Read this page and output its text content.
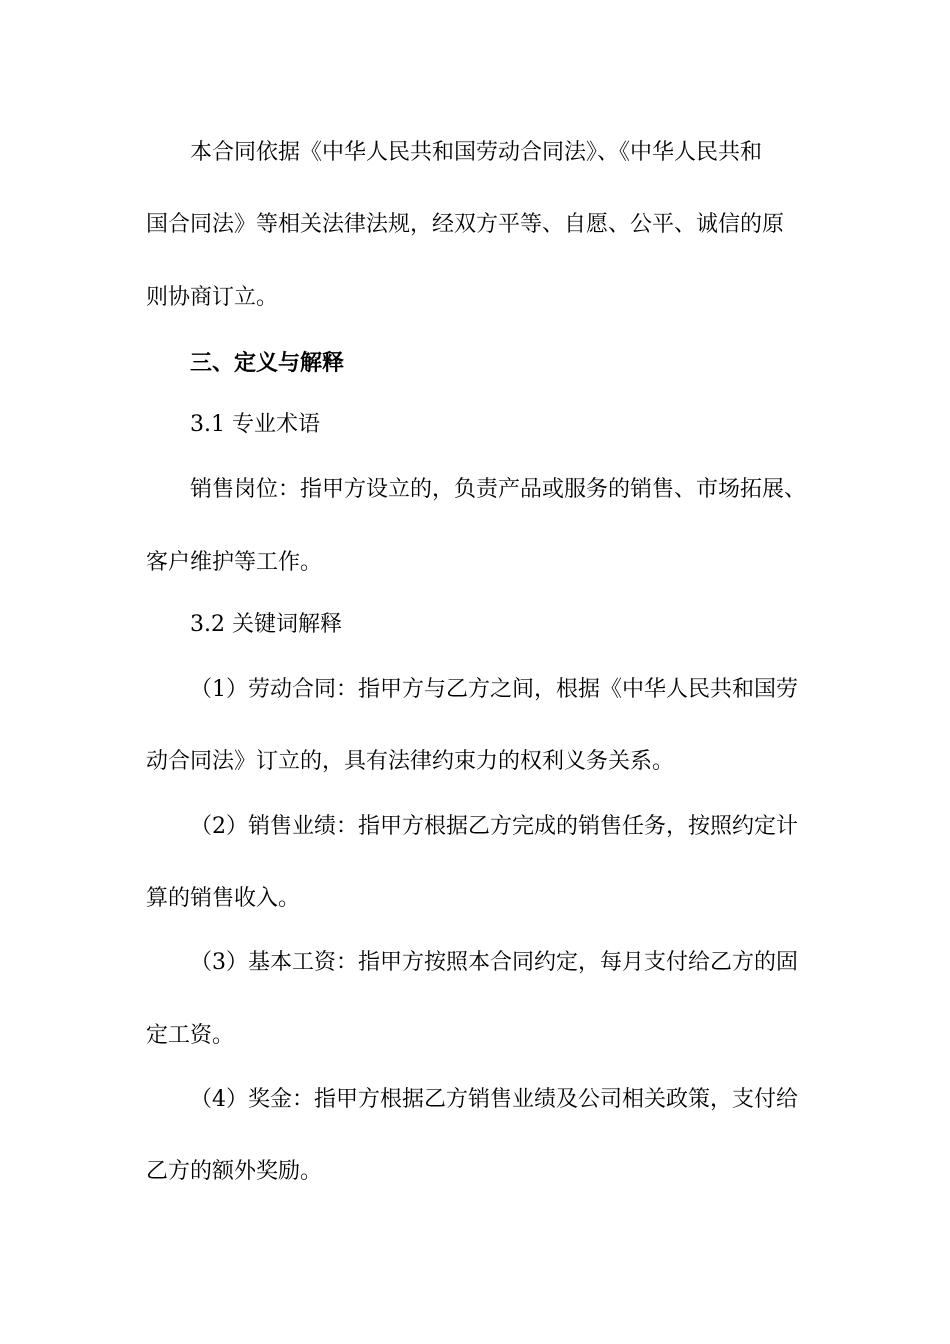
本合同依据《中华人民共和国劳动合同法》、《中华人民共和
国合同法》等相关法律法规，经双方平等、自愿、公平、诚信的原
则协商订立。
三、定义与解释
3.1 专业术语
销售岗位：指甲方设立的，负责产品或服务的销售、市场拓展、
客户维护等工作。
3.2 关键词解释
（1）劳动合同：指甲方与乙方之间，根据《中华人民共和国劳
动合同法》订立的，具有法律约束力的权利义务关系。
（2）销售业绩：指甲方根据乙方完成的销售任务，按照约定计
算的销售收入。
（3）基本工资：指甲方按照本合同约定，每月支付给乙方的固
定工资。
（4）奖金：指甲方根据乙方销售业绩及公司相关政策，支付给
乙方的额外奖励。
